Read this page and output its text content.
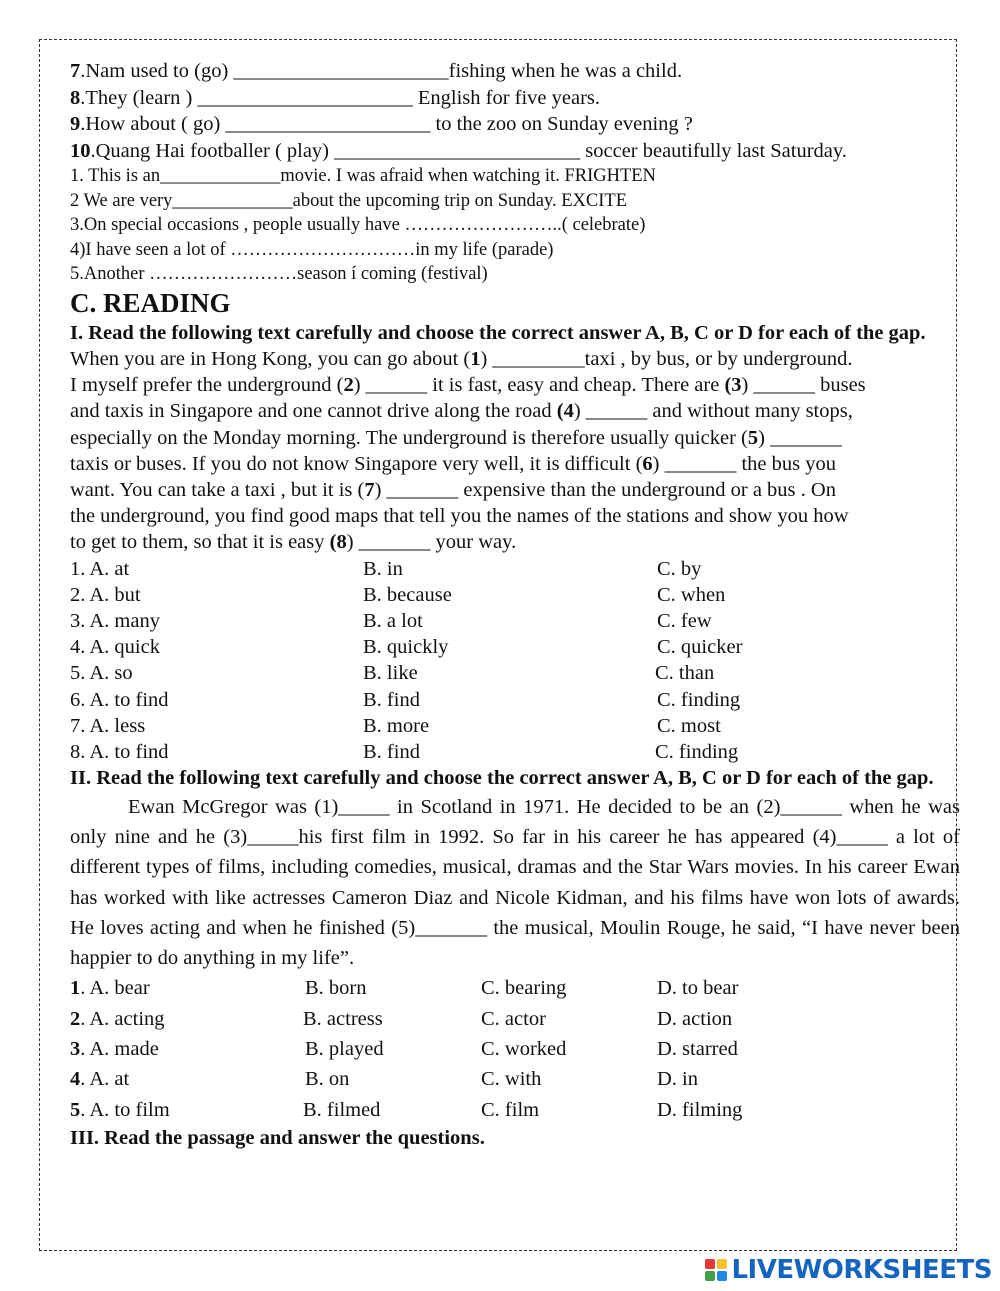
7.Nam used to (go) _____________________fishing when he was a child.
8.They (learn ) _____________________ English for five years.
9.How about ( go) ____________________ to the zoo on Sunday evening ?
10.Quang Hai footballer ( play) ________________________ soccer beautifully last Saturday.
1. This is an_____________movie. I was afraid when watching it. FRIGHTEN
2 We are very_____________about the upcoming trip on Sunday. EXCITE
3.On special occasions , people usually have ……………………..( celebrate)
4)I have seen a lot of …………………………in my life (parade)
5.Another ……………………season í coming (festival)
C. READING
I. Read the following text carefully and choose the correct answer A, B, C or D for each of the gap.
When you are in Hong Kong, you can go about (1) _________taxi , by bus, or by underground.
I myself prefer the underground (2) ______ it is fast, easy and cheap. There are (3) ______ buses
and taxis in Singapore and one cannot drive along the road (4) ______ and without many stops,
especially on the Monday morning. The underground is therefore usually quicker (5) _______
taxis or buses. If you do not know Singapore very well, it is difficult (6) _______ the bus you
want. You can take a taxi , but it is (7) _______ expensive than the underground or a bus . On
the underground, you find good maps that tell you the names of the stations and show you how
to get to them, so that it is easy (8) _______ your way.
1. A. at	B. in	C. by
2. A. but	B. because	C. when
3. A. many	B. a lot	C. few
4. A. quick	B. quickly	C. quicker
5. A. so	B. like	C. than
6. A. to find	B. find	C. finding
7. A. less	B. more	C. most
8. A. to find	B. find	C. finding
II. Read the following text carefully and choose the correct answer A, B, C or D for each of the gap.
Ewan McGregor was (1)_____ in Scotland in 1971. He decided to be an (2)______ when he was only nine and he (3)_____his first film in 1992. So far in his career he has appeared (4)_____ a lot of different types of films, including comedies, musical, dramas and the Star Wars movies. In his career Ewan has worked with like actresses Cameron Diaz and Nicole Kidman, and his films have won lots of awards. He loves acting and when he finished (5)_______ the musical, Moulin Rouge, he said, “I have never been happier to do anything in my life”.
1. A. bear	B. born	C. bearing	D. to bear
2. A. acting	B. actress	C. actor	D. action
3. A. made	B. played	C. worked	D. starred
4. A. at	B. on	C. with	D. in
5. A. to film	B. filmed	C. film	D. filming
III. Read the passage and answer the questions.
LIVEWORKSHEETS
